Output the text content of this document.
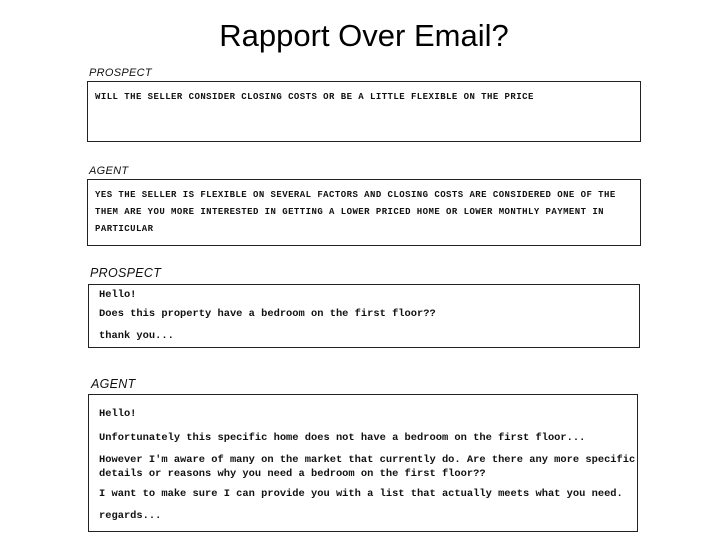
Rapport Over Email?
PROSPECT
WILL THE SELLER CONSIDER CLOSING COSTS OR BE A LITTLE FLEXIBLE ON THE PRICE
AGENT
YES THE SELLER IS FLEXIBLE ON SEVERAL FACTORS AND CLOSING COSTS ARE CONSIDERED ONE OF THE
THEM ARE YOU MORE INTERESTED IN GETTING A LOWER PRICED HOME OR LOWER MONTHLY PAYMENT IN
PARTICULAR
PROSPECT
Hello!
Does this property have a bedroom on the first floor??
thank you...
AGENT
Hello!
Unfortunately this specific home does not have a bedroom on the first floor...
However I'm aware of many on the market that currently do. Are there any more specific
details or reasons why you need a bedroom on the first floor??
I want to make sure I can provide you with a list that actually meets what you need.
regards...
